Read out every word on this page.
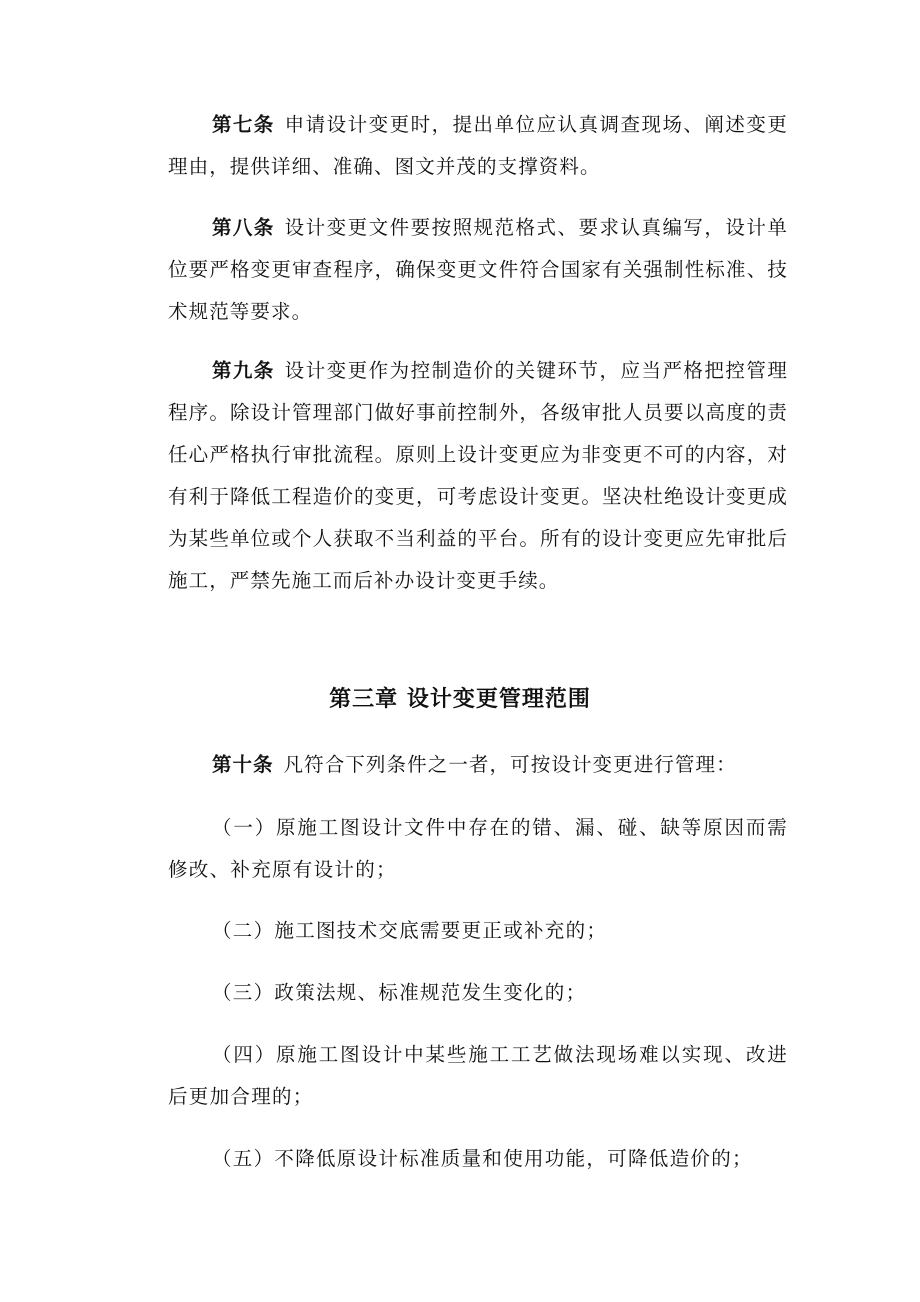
第七条 申请设计变更时，提出单位应认真调查现场、阐述变更理由，提供详细、准确、图文并茂的支撑资料。

第八条 设计变更文件要按照规范格式、要求认真编写，设计单位要严格变更审查程序，确保变更文件符合国家有关强制性标准、技术规范等要求。

第九条 设计变更作为控制造价的关键环节，应当严格把控管理程序。除设计管理部门做好事前控制外，各级审批人员要以高度的责任心严格执行审批流程。原则上设计变更应为非变更不可的内容，对有利于降低工程造价的变更，可考虑设计变更。坚决杜绝设计变更成为某些单位或个人获取不当利益的平台。所有的设计变更应先审批后施工，严禁先施工而后补办设计变更手续。

第三章 设计变更管理范围

第十条 凡符合下列条件之一者，可按设计变更进行管理：

（一）原施工图设计文件中存在的错、漏、碰、缺等原因而需修改、补充原有设计的；

（二）施工图技术交底需要更正或补充的；

（三）政策法规、标准规范发生变化的；

（四）原施工图设计中某些施工工艺做法现场难以实现、改进后更加合理的；

（五）不降低原设计标准质量和使用功能，可降低造价的；
